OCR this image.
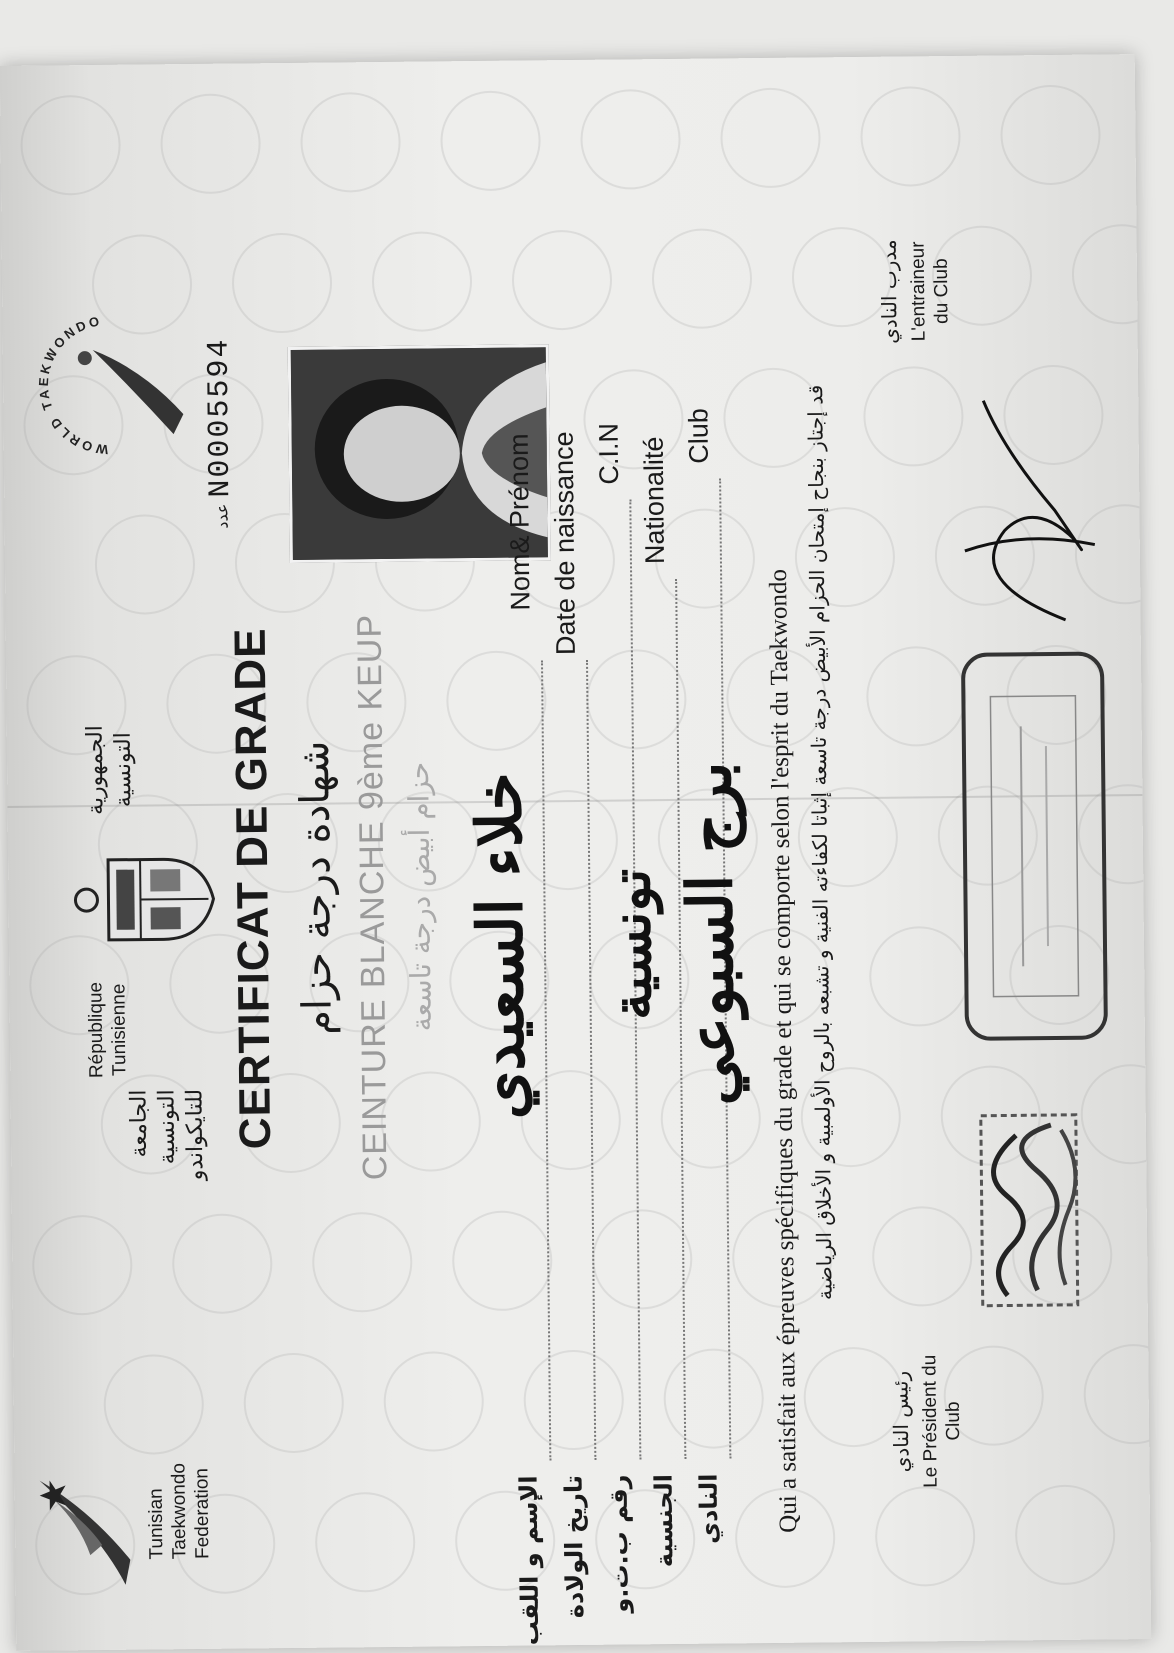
Tunisian Taekwondo Federation
الجامعة التونسية للتايكواندو
الجمهورية التونسية
République Tunisienne
WORLD TAEKWONDO
عدد
N0005594
CERTIFICAT DE GRADE شهادة درجة حزام CEINTURE BLANCHE 9ème KEUP حزام أبيض درجة تاسعة
Nom& Prénom Date de naissance C.I.N Nationalité
Club
الإسم و اللقب تاريخ الولادة رقم ب.ت.و الجنسية النادي
خلاء السعيدي تونسية برج السبوعي Qui a satisfait aux épreuves spécifiques du grade et qui se comporte selon l'esprit du Taekwondo قد إجتاز بنجاح إمتحان الحزام الأبيض درجة تاسعة إثباتا لكفاءته الفنية و تشبعه بالروح الأولمبية و الأخلاق الرياضية
رئيس النادي Le Président du Club
مدرب النادي L'entraineur du Club
